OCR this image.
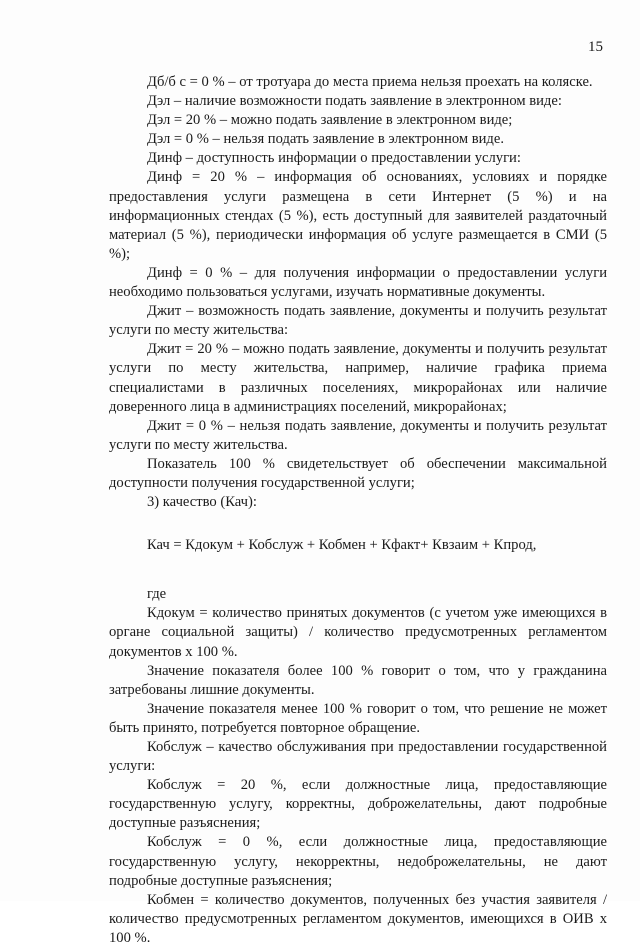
15
Дб/б с = 0 % – от тротуара до места приема нельзя проехать на коляске.
Дэл – наличие возможности подать заявление в электронном виде:
Дэл = 20 % – можно подать заявление в электронном виде;
Дэл = 0 % – нельзя подать заявление в электронном виде.
Динф – доступность информации о предоставлении услуги:

Динф = 20 % – информация об основаниях, условиях и порядке предоставления услуги размещена в сети Интернет (5 %) и на информационных стендах (5 %), есть доступный для заявителей раздаточный материал (5 %), периодически информация об услуге размещается в СМИ (5 %);

Динф = 0 % – для получения информации о предоставлении услуги необходимо пользоваться услугами, изучать нормативные документы.

Джит – возможность подать заявление, документы и получить результат услуги по месту жительства:

Джит = 20 % – можно подать заявление, документы и получить результат услуги по месту жительства, например, наличие графика приема специалистами в различных поселениях, микрорайонах или наличие доверенного лица в администрациях поселений, микрорайонах;

Джит = 0 % – нельзя подать заявление, документы и получить результат услуги по месту жительства.

Показатель 100 % свидетельствует об обеспечении максимальной доступности получения государственной услуги;

3) качество (Кач):

Кач = Кдокум + Кобслуж + Кобмен + Кфакт+ Квзаим + Кпрод,

где

Кдокум = количество принятых документов (с учетом уже имеющихся в органе социальной защиты) / количество предусмотренных регламентом документов х 100 %.

Значение показателя более 100 % говорит о том, что у гражданина затребованы лишние документы.

Значение показателя менее 100 % говорит о том, что решение не может быть принято, потребуется повторное обращение.

Кобслуж – качество обслуживания при предоставлении государственной услуги:

Кобслуж = 20 %, если должностные лица, предоставляющие государственную услугу, корректны, доброжелательны, дают подробные доступные разъяснения;

Кобслуж = 0 %, если должностные лица, предоставляющие государственную услугу, некорректны, недоброжелательны, не дают подробные доступные разъяснения;

Кобмен = количество документов, полученных без участия заявителя / количество предусмотренных регламентом документов, имеющихся в ОИВ х 100 %.
